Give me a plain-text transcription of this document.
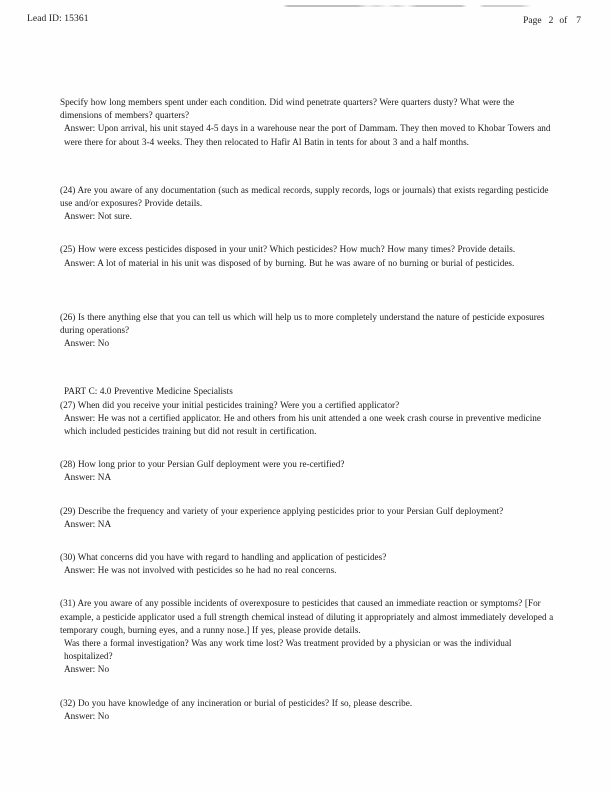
Lead ID: 15361	Page 2 of 7
Specify how long members spent under each condition. Did wind penetrate quarters? Were quarters dusty? What were the dimensions of members? quarters?
Answer: Upon arrival, his unit stayed 4-5 days in a warehouse near the port of Dammam. They then moved to Khobar Towers and were there for about 3-4 weeks. They then relocated to Hafir Al Batin in tents for about 3 and a half months.
(24) Are you aware of any documentation (such as medical records, supply records, logs or journals) that exists regarding pesticide use and/or exposures? Provide details.
Answer: Not sure.
(25) How were excess pesticides disposed in your unit? Which pesticides? How much? How many times? Provide details.
Answer: A lot of material in his unit was disposed of by burning. But he was aware of no burning or burial of pesticides.
(26) Is there anything else that you can tell us which will help us to more completely understand the nature of pesticide exposures during operations?
Answer: No
PART C: 4.0 Preventive Medicine Specialists
(27) When did you receive your initial pesticides training? Were you a certified applicator?
Answer: He was not a certified applicator. He and others from his unit attended a one week crash course in preventive medicine which included pesticides training but did not result in certification.
(28) How long prior to your Persian Gulf deployment were you re-certified?
Answer: NA
(29) Describe the frequency and variety of your experience applying pesticides prior to your Persian Gulf deployment?
Answer: NA
(30) What concerns did you have with regard to handling and application of pesticides?
Answer: He was not involved with pesticides so he had no real concerns.
(31) Are you aware of any possible incidents of overexposure to pesticides that caused an immediate reaction or symptoms? [For example, a pesticide applicator used a full strength chemical instead of diluting it appropriately and almost immediately developed a temporary cough, burning eyes, and a runny nose.] If yes, please provide details.
Was there a formal investigation? Was any work time lost? Was treatment provided by a physician or was the individual hospitalized?
Answer: No
(32) Do you have knowledge of any incineration or burial of pesticides? If so, please describe.
Answer: No
